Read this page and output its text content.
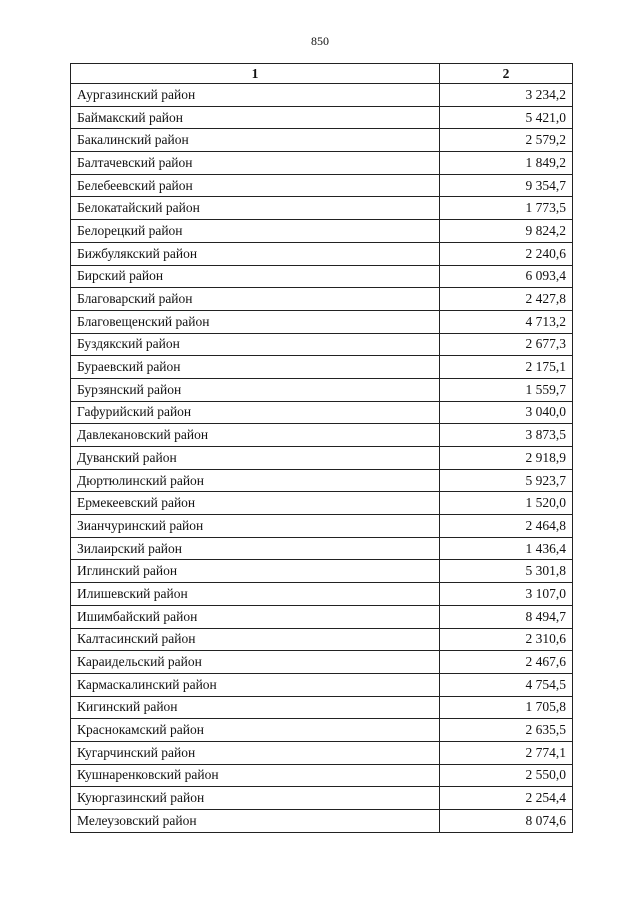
850
1	2
Аургазинский район	3 234,2
Баймакский район	5 421,0
Бакалинский район	2 579,2
Балтачевский район	1 849,2
Белебеевский район	9 354,7
Белокатайский район	1 773,5
Белорецкий район	9 824,2
Бижбулякский район	2 240,6
Бирский район	6 093,4
Благоварский район	2 427,8
Благовещенский район	4 713,2
Буздякский район	2 677,3
Бураевский район	2 175,1
Бурзянский район	1 559,7
Гафурийский район	3 040,0
Давлекановский район	3 873,5
Дуванский район	2 918,9
Дюртюлинский район	5 923,7
Ермекеевский район	1 520,0
Зианчуринский район	2 464,8
Зилаирский район	1 436,4
Иглинский район	5 301,8
Илишевский район	3 107,0
Ишимбайский район	8 494,7
Калтасинский район	2 310,6
Караидельский район	2 467,6
Кармаскалинский район	4 754,5
Кигинский район	1 705,8
Краснокамский район	2 635,5
Кугарчинский район	2 774,1
Кушнаренковский район	2 550,0
Куюргазинский район	2 254,4
Мелеузовский район	8 074,6
